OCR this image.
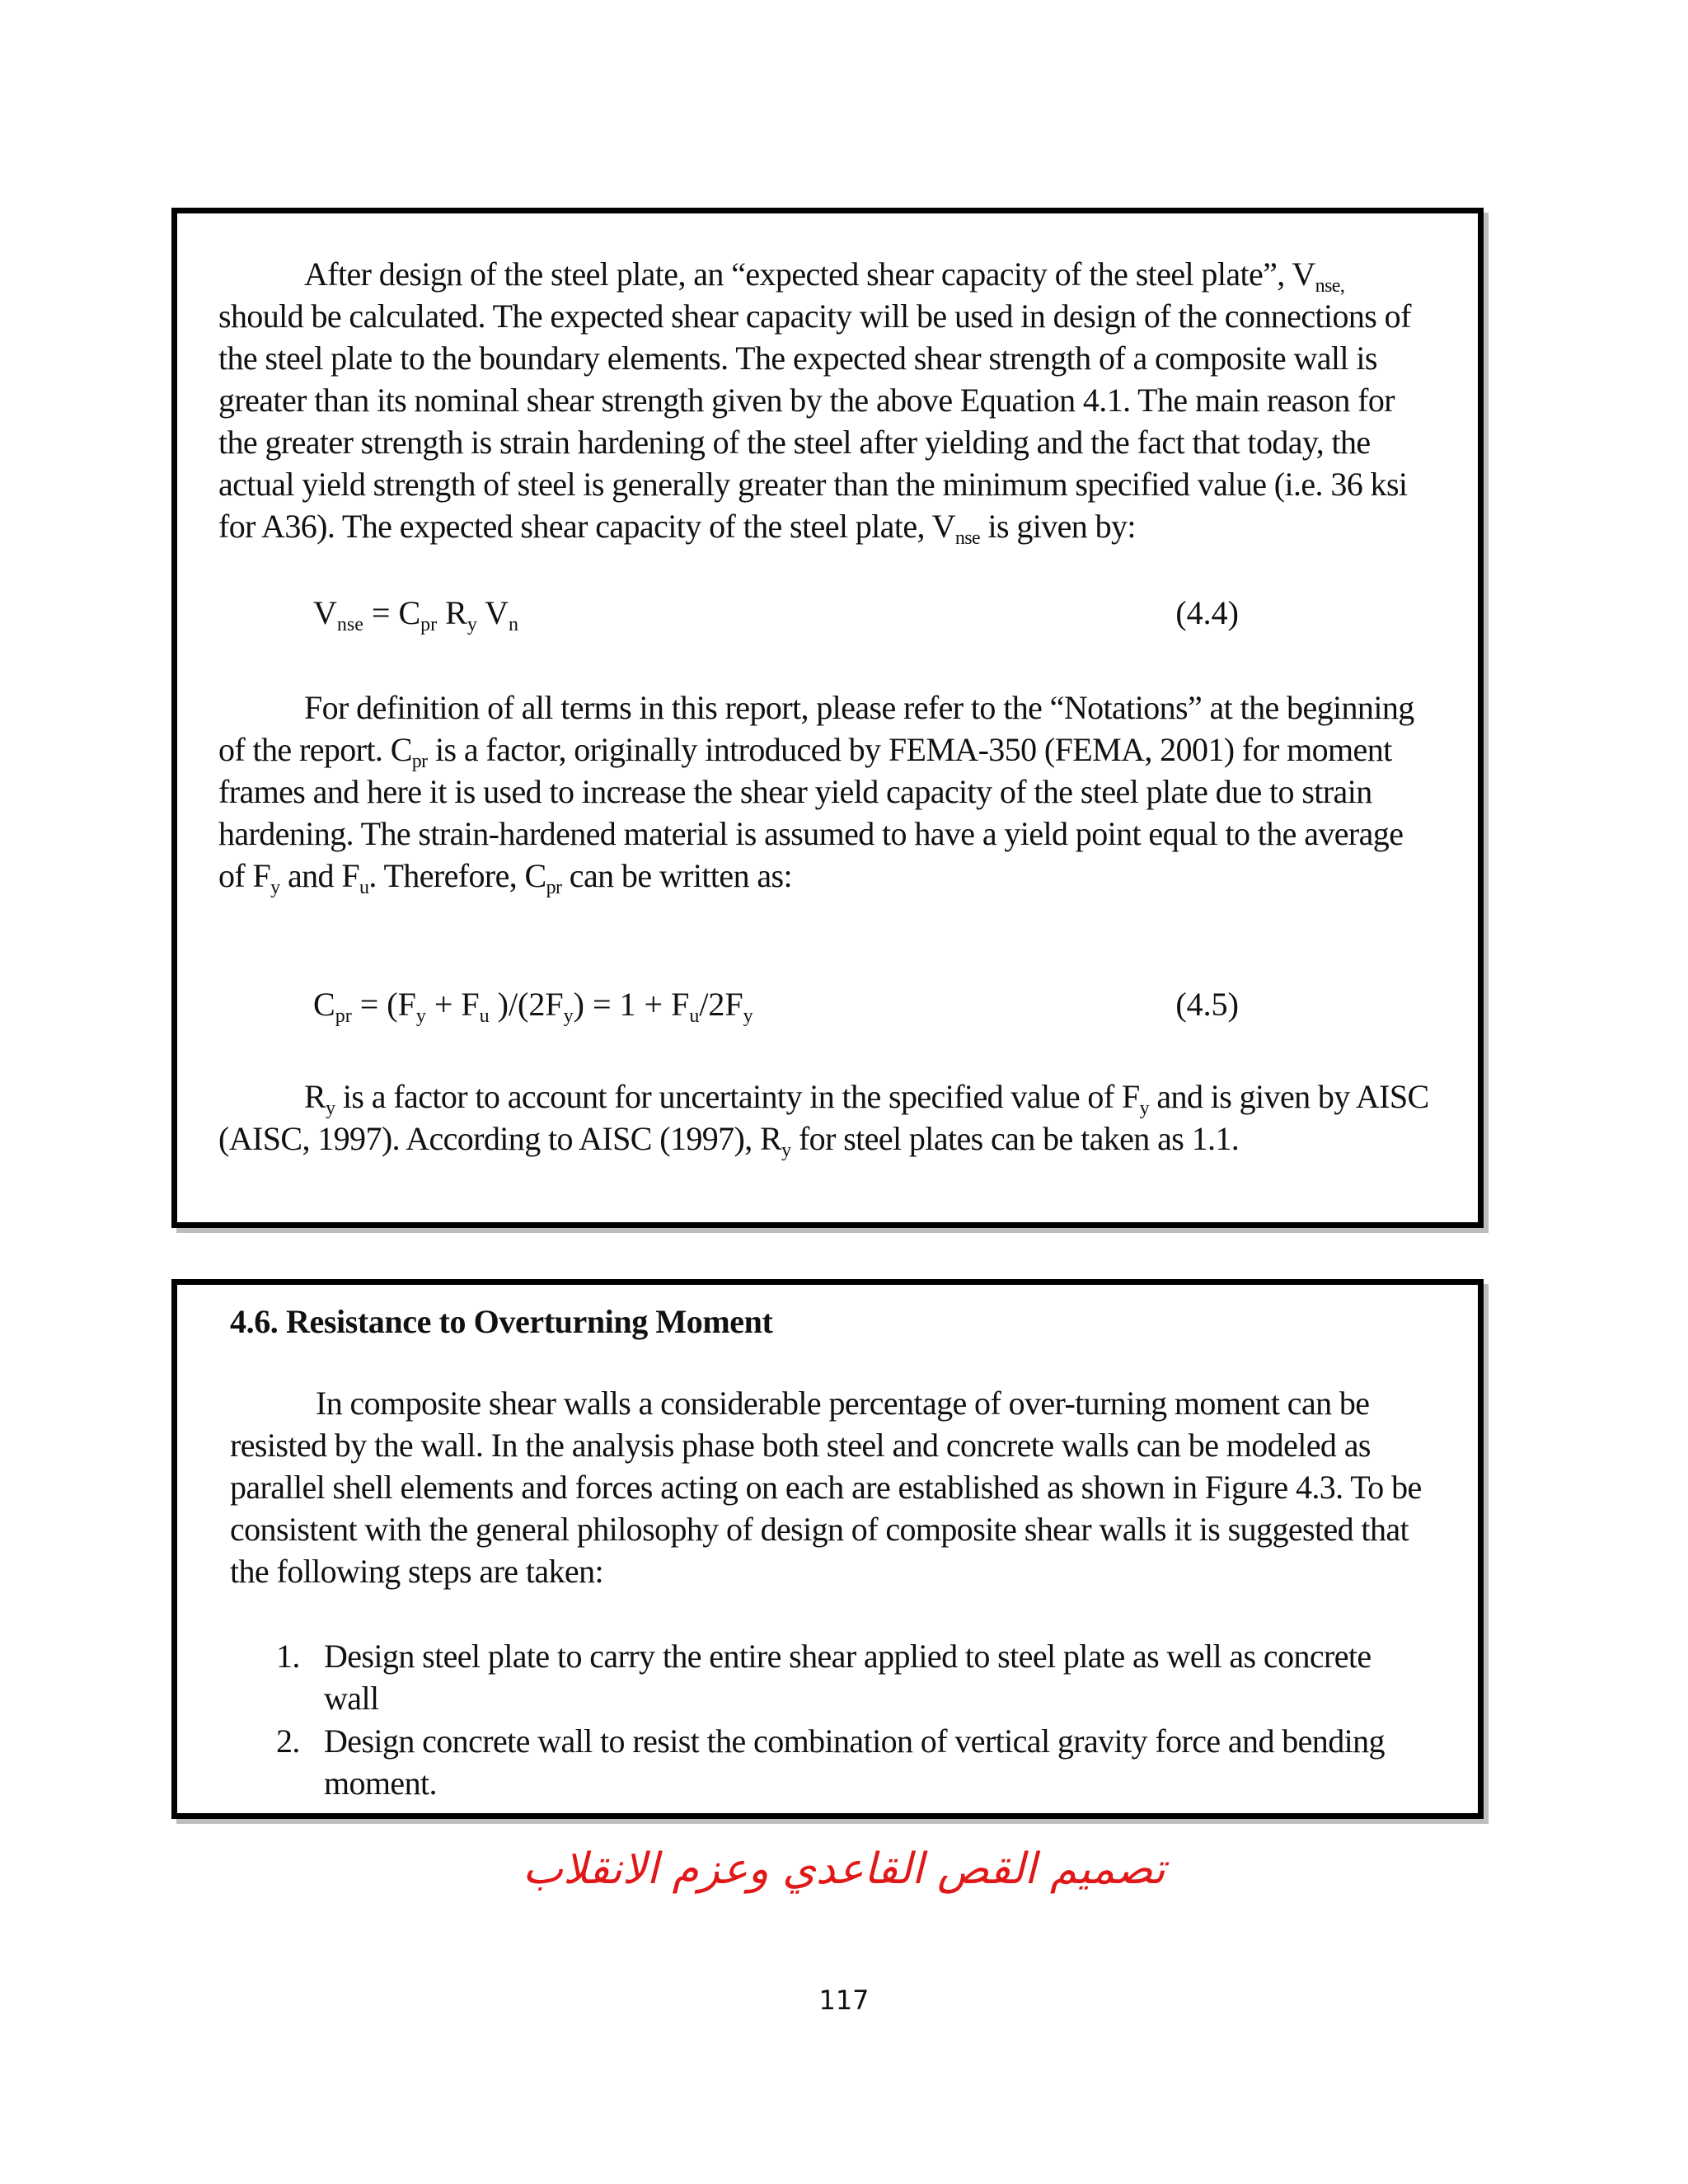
After design of the steel plate, an “expected shear capacity of the steel plate”, $V_{nse,}$ should be calculated. The expected shear capacity will be used in design of the connections of the steel plate to the boundary elements. The expected shear strength of a composite wall is greater than its nominal shear strength given by the above Equation 4.1. The main reason for the greater strength is strain hardening of the steel after yielding and the fact that today, the actual yield strength of steel is generally greater than the minimum specified value (i.e. 36 ksi for A36). The expected shear capacity of the steel plate, $V_{nse}$ is given by:

$V_{nse} = C_{pr}$ $R_y$ $V_n$	(4.4)

For definition of all terms in this report, please refer to the “Notations” at the beginning of the report. $C_{pr}$ is a factor, originally introduced by FEMA-350 (FEMA, 2001) for moment frames and here it is used to increase the shear yield capacity of the steel plate due to strain hardening. The strain-hardened material is assumed to have a yield point equal to the average of $F_y$ and $F_u$. Therefore, $C_{pr}$ can be written as:

$C_{pr} = (F_y + F_u$ )$/(2F_y) = 1 + F_u/2F_y$	(4.5)

$R_y$ is a factor to account for uncertainty in the specified value of $F_y$ and is given by AISC (AISC, 1997). According to AISC (1997), $R_y$ for steel plates can be taken as 1.1.

4.6. Resistance to Overturning Moment

In composite shear walls a considerable percentage of over-turning moment can be resisted by the wall. In the analysis phase both steel and concrete walls can be modeled as parallel shell elements and forces acting on each are established as shown in Figure 4.3. To be consistent with the general philosophy of design of composite shear walls it is suggested that the following steps are taken:

1. Design steel plate to carry the entire shear applied to steel plate as well as concrete wall
2. Design concrete wall to resist the combination of vertical gravity force and bending moment.
تصميم القص القاعدي وعزم الانقلاب
117
